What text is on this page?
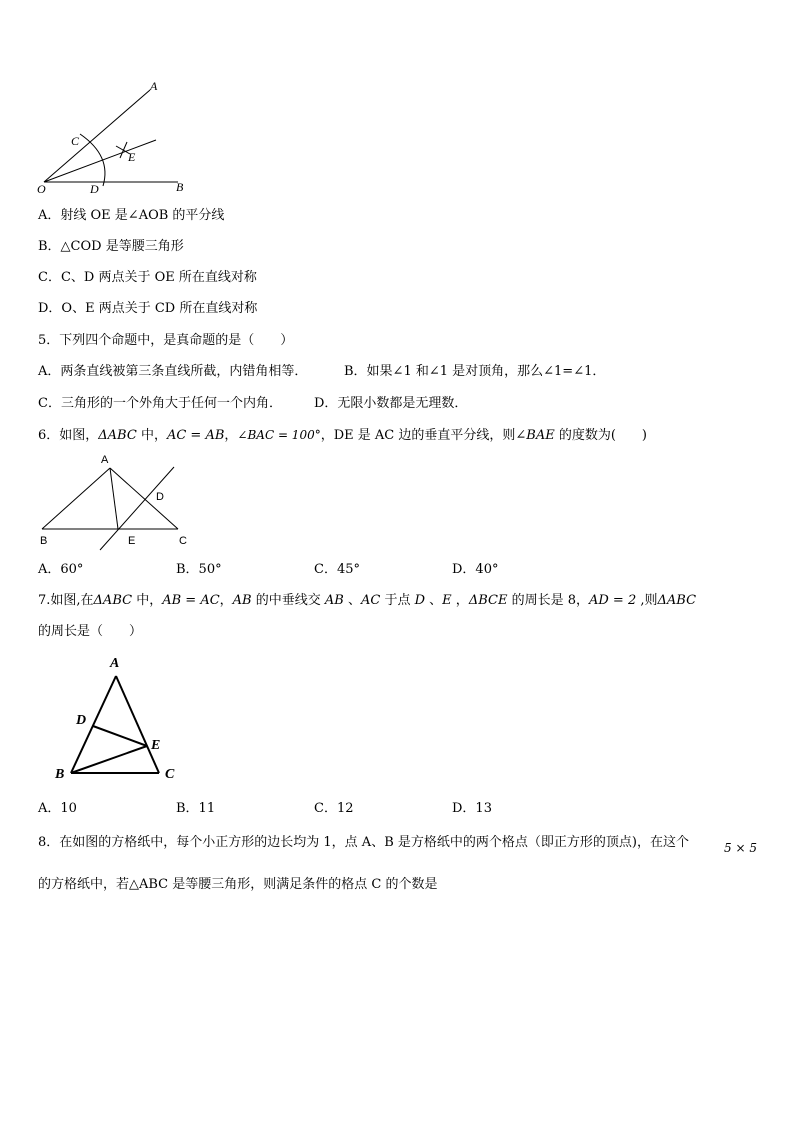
A
C
E
O	D	B
A．射线 OE 是∠AOB 的平分线
B．△COD 是等腰三角形
C．C、D 两点关于 OE 所在直线对称
D．O、E 两点关于 CD 所在直线对称
5．下列四个命题中，是真命题的是（　　）
A．两条直线被第三条直线所截，内错角相等．	B．如果∠1 和∠1 是对顶角，那么∠1=∠1．
C．三角形的一个外角大于任何一个内角． D．无限小数都是无理数．
6．如图，ΔABC 中，AC = AB，∠BAC = 100°，DE 是 AC 边的垂直平分线，则∠BAE 的度数为(　　)
A
D
B	E	C
A．60°	B．50°	C．45°	D．40°
7.如图,在ΔABC 中，AB = AC，AB 的中垂线交 AB 、AC 于点 D 、E ，ΔBCE 的周长是 8，AD = 2 ,则ΔABC
的周长是（　　）
A
D
E
B	C
A．10	B．11	C．12	D．13
8．在如图的方格纸中，每个小正方形的边长均为 1，点 A、B 是方格纸中的两个格点（即正方形的顶点)，在这个	5 × 5
的方格纸中，若△ABC 是等腰三角形，则满足条件的格点 C 的个数是
